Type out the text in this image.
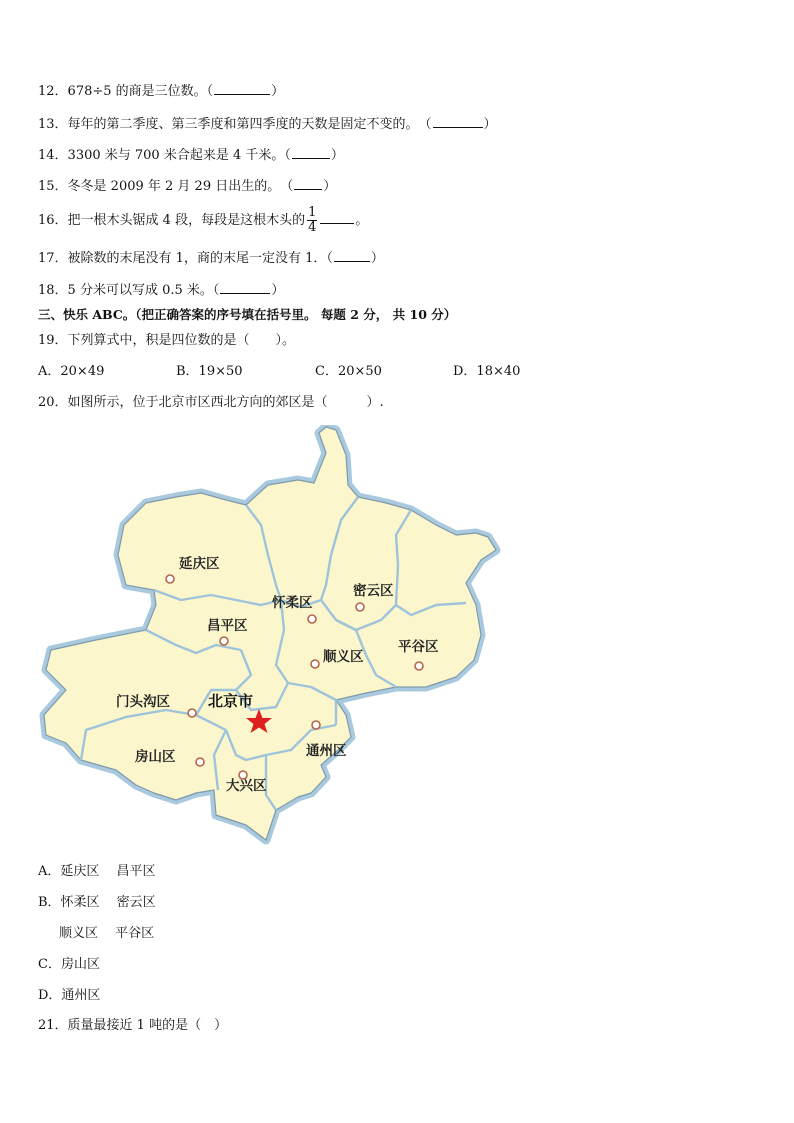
12．678÷5 的商是三位数。（	）
13．每年的第二季度、第三季度和第四季度的天数是固定不变的。　（	）
14．3300 米与 700 米合起来是 4 千米。（	）
15．冬冬是 2009 年 2 月 29 日出生的。　（ ）
16．把一根木头锯成 4 段，每段是这根木头的 $\frac{1}{4}$	。
17．被除数的末尾没有 1，商的末尾一定没有 1．（	）
18．5 分米可以写成 0.5 米。（	）
三、快乐 ABC。（把正确答案的序号填在括号里。 每题 2 分， 共 10 分）
19．下列算式中，积是四位数的是（　　）。
A．20×49	B．19×50	C．20×50	D．18×40
20．如图所示，位于北京市区西北方向的郊区是（　　　）.
延庆区
怀柔区
密云区
昌平区
顺义区
平谷区
门头沟区	北京市
通州区
房山区
大兴区
A．延庆区　 昌平区
B．怀柔区　 密云区
顺义区　 平谷区
C．房山区
D．通州区
21．质量最接近 1 吨的是（　）
